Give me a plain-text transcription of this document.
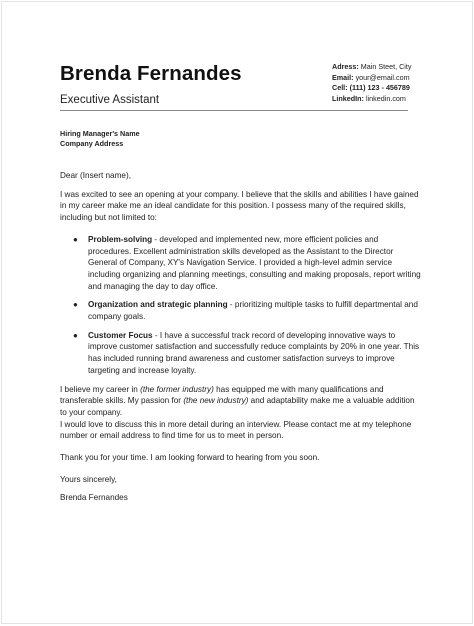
Brenda Fernandes
Executive Assistant
Adress: Main Steet, City
Email: your@email.com
Cell: (111) 123 - 456789
LinkedIn: linkedin.com
Hiring Manager's Name
Company Address

Dear (Insert name),

I was excited to see an opening at your company. I believe that the skills and abilities I have gained in my career make me an ideal candidate for this position. I possess many of the required skills, including but not limited to:

● Problem-solving - developed and implemented new, more efficient policies and procedures. Excellent administration skills developed as the Assistant to the Director General of Company, XY's Navigation Service. I provided a high-level admin service including organizing and planning meetings, consulting and making proposals, report writing and managing the day to day office.
● Organization and strategic planning - prioritizing multiple tasks to fulfill departmental and company goals.
● Customer Focus - I have a successful track record of developing innovative ways to improve customer satisfaction and successfully reduce complaints by 20% in one year. This has included running brand awareness and customer satisfaction surveys to improve targeting and increase loyalty.

I believe my career in (the former industry) has equipped me with many qualifications and transferable skills. My passion for (the new industry) and adaptability make me a valuable addition to your company.

I would love to discuss this in more detail during an interview. Please contact me at my telephone number or email address to find time for us to meet in person.

Thank you for your time. I am looking forward to hearing from you soon.

Yours sincerely,

Brenda Fernandes
